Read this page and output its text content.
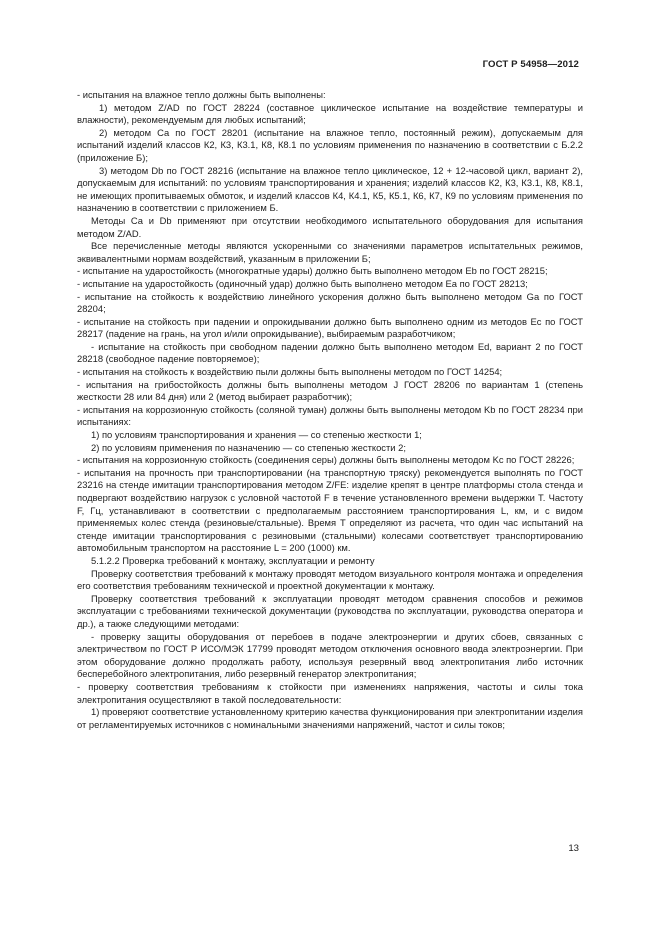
ГОСТ Р 54958—2012

- испытания на влажное тепло должны быть выполнены:

1) методом Z/AD по ГОСТ 28224 (составное циклическое испытание на воздействие температуры и влажности), рекомендуемым для любых испытаний;

2) методом Са по ГОСТ 28201 (испытание на влажное тепло, постоянный режим), допускаемым для испытаний изделий классов К2, К3, К3.1, К8, К8.1 по условиям применения по назначению в соответствии с Б.2.2 (приложение Б);

3) методом Db по ГОСТ 28216 (испытание на влажное тепло циклическое, 12 + 12-часовой цикл, вариант 2), допускаемым для испытаний: по условиям транспортирования и хранения; изделий классов К2, К3, К3.1, К8, К8.1, не имеющих пропитываемых обмоток, и изделий классов К4, К4.1, К5, К5.1, К6, К7, К9 по условиям применения по назначению в соответствии с приложением Б.

Методы Са и Db применяют при отсутствии необходимого испытательного оборудования для испытания методом Z/AD.

Все перечисленные методы являются ускоренными со значениями параметров испытательных режимов, эквивалентными нормам воздействий, указанным в приложении Б;

- испытание на ударостойкость (многократные удары) должно быть выполнено методом Eb по ГОСТ 28215;

- испытание на ударостойкость (одиночный удар) должно быть выполнено методом Ea по ГОСТ 28213;

- испытание на стойкость к воздействию линейного ускорения должно быть выполнено методом Ga по ГОСТ 28204;

- испытание на стойкость при падении и опрокидывании должно быть выполнено одним из методов Ec по ГОСТ 28217 (падение на грань, на угол и/или опрокидывание), выбираемым разработчиком;

- испытание на стойкость при свободном падении должно быть выполнено методом Ed, вариант 2 по ГОСТ 28218 (свободное падение повторяемое);

- испытания на стойкость к воздействию пыли должны быть выполнены методом по ГОСТ 14254;

- испытания на грибостойкость должны быть выполнены методом J ГОСТ 28206 по вариантам 1 (степень жесткости 28 или 84 дня) или 2 (метод выбирает разработчик);

- испытания на коррозионную стойкость (соляной туман) должны быть выполнены методом Kb по ГОСТ 28234 при испытаниях:

1) по условиям транспортирования и хранения — со степенью жесткости 1;

2) по условиям применения по назначению — со степенью жесткости 2;

- испытания на коррозионную стойкость (соединения серы) должны быть выполнены методом Kc по ГОСТ 28226;

- испытания на прочность при транспортировании (на транспортную тряску) рекомендуется выполнять по ГОСТ 23216 на стенде имитации транспортирования методом Z/FE: изделие крепят в центре платформы стола стенда и подвергают воздействию нагрузок с условной частотой F в течение установленного времени выдержки T. Частоту F, Гц, устанавливают в соответствии с предполагаемым расстоянием транспортирования L, км, и с видом применяемых колес стенда (резиновые/стальные). Время T определяют из расчета, что один час испытаний на стенде имитации транспортирования с резиновыми (стальными) колесами соответствует транспортированию автомобильным транспортом на расстояние L = 200 (1000) км.

5.1.2.2 Проверка требований к монтажу, эксплуатации и ремонту

Проверку соответствия требований к монтажу проводят методом визуального контроля монтажа и определения его соответствия требованиям технической и проектной документации к монтажу.

Проверку соответствия требований к эксплуатации проводят методом сравнения способов и режимов эксплуатации с требованиями технической документации (руководства по эксплуатации, руководства оператора и др.), а также следующими методами:

- проверку защиты оборудования от перебоев в подаче электроэнергии и других сбоев, связанных с электричеством по ГОСТ Р ИСО/МЭК 17799 проводят методом отключения основного ввода электроэнергии. При этом оборудование должно продолжать работу, используя резервный ввод электропитания либо источник бесперебойного электропитания, либо резервный генератор электропитания;

- проверку соответствия требованиям к стойкости при изменениях напряжения, частоты и силы тока электропитания осуществляют в такой последовательности:

1) проверяют соответствие установленному критерию качества функционирования при электропитании изделия от регламентируемых источников с номинальными значениями напряжений, частот и силы токов;

13
